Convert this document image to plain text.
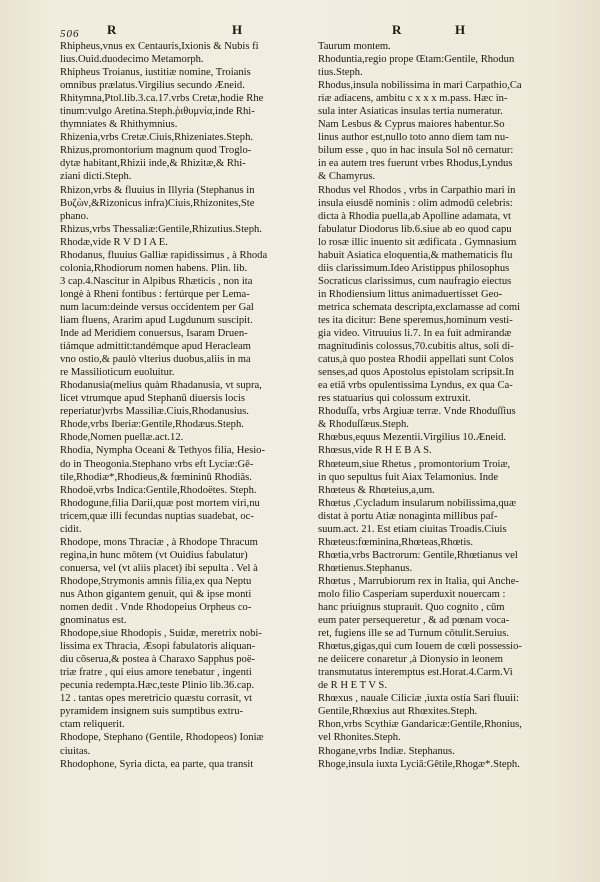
506 R	H	R	H
Rhipheus,vnus ex Centauris,Ixionis & Nubis fi
lius.Ouid.duodecimo Metamorph.
Rhipheus Troianus, iustitiæ nomine, Troianis
omnibus prælatus.Virgilius secundo Æneid.
Rhitymna,Ptol.lib.3.ca.17.vrbs Cretæ,hodie Rhe
tinum:vulgo Aretina.Steph.ῥιθυμνία,inde Rhi-
thymniates & Rhithymnius.
Rhizenia,vrbs Cretæ.Ciuis,Rhizeniates.Steph.
Rhizus,promontorium magnum quod Troglo-
dytæ habitant,Rhizii inde,& Rhizitæ,& Rhi-
ziani dicti.Steph.
Rhizon,vrbs & fluuius in Illyria (Stephanus in
Βυζὼν,&Rizonicus infra)Ciuis,Rhizonites,Ste
phano.
Rhizus,vrbs Thessaliæ:Gentile,Rhizutius.Steph.
Rhodæ,vide R V D I A E.
Rhodanus, fluuius Galliæ rapidissimus , à Rhoda
colonia,Rhodiorum nomen habens. Plin. lib.
3 cap.4.Nascitur in Alpibus Rhæticis , non ita
longè à Rheni fontibus : fertúrque per Lema-
num lacum:deinde versus occidentem per Gal
liam fluens, Ararim apud Lugdunum suscipit.
Inde ad Meridiem conuersus, Isaram Druen-
tiámque admittit:tandémque apud Heracleam
vno ostio,& paulò vlterius duobus,aliis in ma
re Massilioticum euoluitur.
Rhodanusia(melius quàm Rhadanusia, vt supra,
licet vtrumque apud Stephanū diuersis locis
reperiatur)vrbs Massiliæ.Ciuis,Rhodanusius.
Rhode,vrbs Iberiæ:Gentile,Rhodæus.Steph.
Rhode,Nomen puellæ.act.12.
Rhodia, Nympha Oceani & Tethyos filia, Hesio-
do in Theogonia.Stephano vrbs eft Lyciæ:Gē-
tile,Rhodiæ*,Rhodieus,& fœmininū Rhodiās.
Rhodoë,vrbs Indica:Gentile,Rhodoëtes. Steph.
Rhodogune,filia Darii,quæ post mortem viri,nu
tricem,quæ illi fecundas nuptias suadebat, oc-
cidit.
Rhodope, mons Thraciæ , à Rhodope Thracum
regina,in hunc mōtem (vt Ouidius fabulatur)
conuersa, vel (vt aliis placet) ibi sepulta . Vel à
Rhodope,Strymonis amnis filia,ex qua Neptu
nus Athon gigantem genuit, qui & ipse monti
nomen dedit . Vnde Rhodopeius Orpheus co-
gnominatus est.
Rhodope,siue Rhodopis , Suidæ, meretrix nobi-
lissima ex Thracia, Æsopi fabulatoris aliquan-
diu cōserua,& postea à Charaxo Sapphus poë-
triæ fratre , qui eius amore tenebatur , ingenti
pecunia redempta.Hæc,teste Plinio lib.36.cap.
12 . tantas opes meretricio quæstu corrasit, vt
pyramidem insignem suis sumptibus extru-
ctam reliquerit.
Rhodope, Stephano (Gentile, Rhodopeos) Ioniæ
ciuitas.
Rhodophone, Syria dicta, ea parte, qua transit
Taurum montem.
Rhoduntia,regio prope Œtam:Gentile, Rhodun
tius.Steph.
Rhodus,insula nobilissima in mari Carpathio,Ca
riæ adiacens, ambitu c x x x m.pass. Hæc in-
sula inter Asiaticas insulas tertia numeratur.
Nam Lesbus & Cyprus maiores habentur.So
linus author est,nullo toto anno diem tam nu-
bilum esse , quo in hac insula Sol nō cernatur:
in ea autem tres fuerunt vrbes Rhodus,Lyndus
& Chamyrus.
Rhodus vel Rhodos , vrbs in Carpathio mari in
insula eiusdē nominis : olim admodū celebris:
dicta à Rhodia puella,ab Apolline adamata, vt
fabulatur Diodorus lib.6.siue ab eo quod capu
lo rosæ illic inuento sit ædificata . Gymnasium
habuit Asiatica eloquentia,& mathematicis flu
diis clarissimum.Ideo Aristippus philosophus
Socraticus clarissimus, cum naufragio eiectus
in Rhodiensium littus animaduertisset Geo-
metrica schemata descripta,exclamasse ad comi
tes ita dicitur: Bene speremus,hominum vesti-
gia video. Vitruuius li.7. In ea fuit admirandæ
magnitudinis colossus,70.cubitis altus, soli di-
catus,à quo postea Rhodii appellati sunt Colos
senses,ad quos Apostolus epistolam scripsit.In
ea etiā vrbs opulentissima Lyndus, ex qua Ca-
res statuarius qui colossum extruxit.
Rhoduſſa, vrbs Argiuæ terræ. Vnde Rhoduſſius
& Rhoduſſæus.Steph.
Rhœbus,equus Mezentii.Virgilius 10.Æneid.
Rhœsus,vide R H E B A S.
Rhœteum,siue Rhetus , promontorium Troiæ,
in quo sepultus fuit Aiax Telamonius. Inde
Rhœteus & Rhœteius,a,um.
Rhœtus ,Cycladum insularum nobilissima,quæ
distat à portu Atiæ nonaginta millibus paf-
suum.act. 21. Est etiam ciuitas Troadis.Ciuis
Rhœteus:fœminina,Rhœteas,Rhœtis.
Rhœtia,vrbs Bactrorum: Gentile,Rhœtianus vel
Rhœtienus.Stephanus.
Rhœtus , Marrubiorum rex in Italia, qui Anche-
molo filio Casperiam superduxit nouercam :
hanc priuignus stuprauit. Quo cognito , cūm
eum pater persequeretur , & ad pœnam voca-
ret, fugiens ille se ad Turnum cōtulit.Seruius.
Rhœtus,gigas,qui cum Iouem de cœli possessio-
ne deiicere conaretur ,à Dionysio in leonem
transmutatus interemptus est.Horat.4.Carm.Vi
de R H E T V S.
Rhœxus , nauale Ciliciæ ,iuxta ostia Sari fluuii:
Gentile,Rhœxius aut Rhœxites.Steph.
Rhon,vrbs Scythiæ Gandaricæ:Gentile,Rhonius,
vel Rhonites.Steph.
Rhogane,vrbs Indiæ. Stephanus.
Rhoge,insula iuxta Lyciā:Gētile,Rhogæ*.Steph.
